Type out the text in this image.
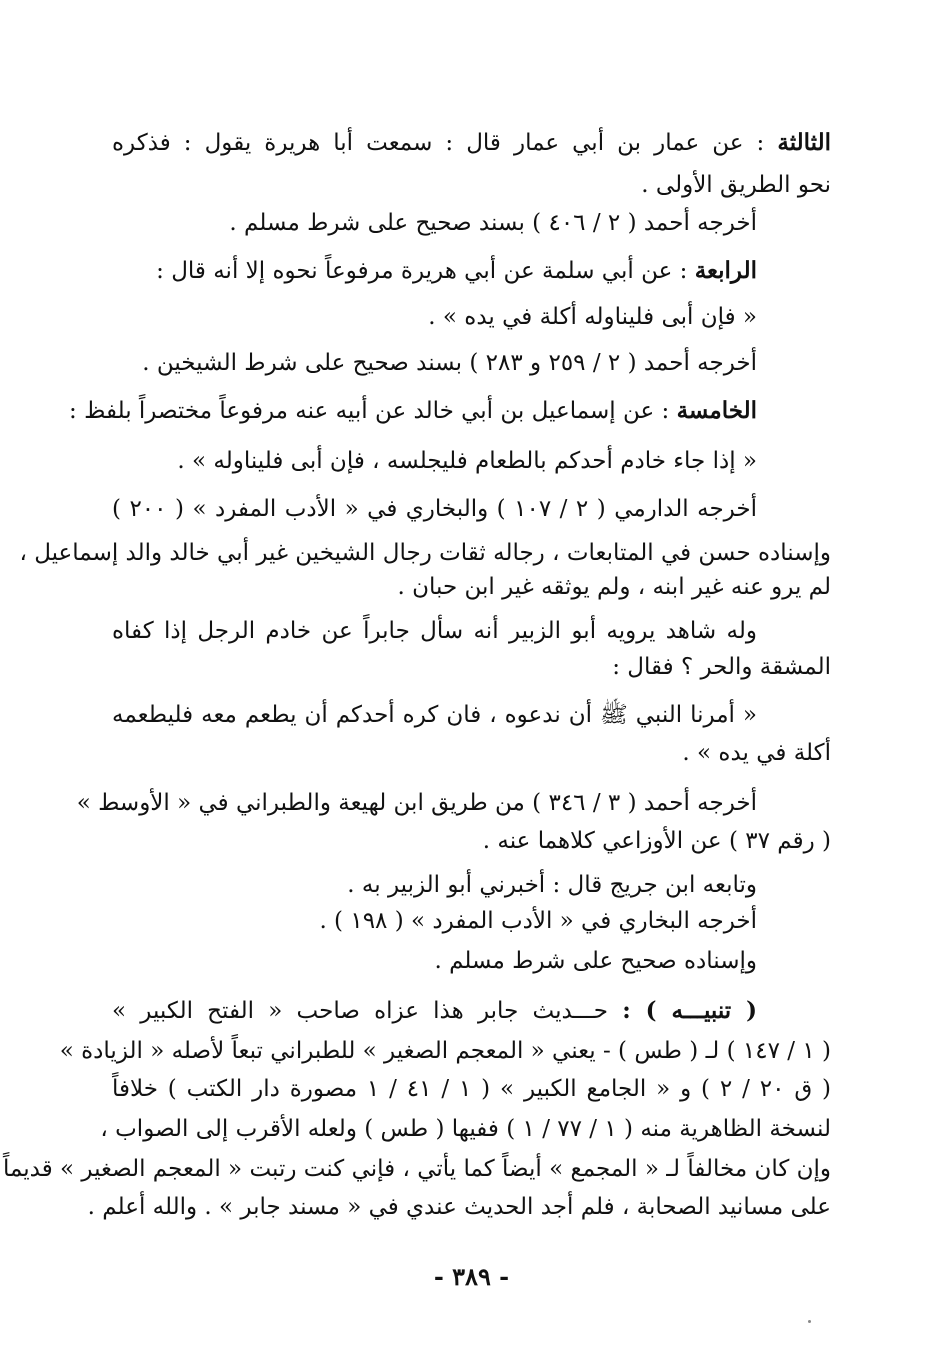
الثالثة : عن عمار بن أبي عمار قال : سمعت أبا هريرة يقول : فذكره
نحو الطريق الأولى .
أخرجه أحمد ( ٢ / ٤٠٦ ) بسند صحيح على شرط مسلم .
الرابعة : عن أبي سلمة عن أبي هريرة مرفوعاً نحوه إلا أنه قال :
« فإن أبى فليناوله أكلة في يده » .
أخرجه أحمد ( ٢ / ٢٥٩ و ٢٨٣ ) بسند صحيح على شرط الشيخين .
الخامسة : عن إسماعيل بن أبي خالد عن أبيه عنه مرفوعاً مختصراً بلفظ :
« إذا جاء خادم أحدكم بالطعام فليجلسه ، فإن أبى فليناوله » .
أخرجه الدارمي ( ٢ / ١٠٧ ) والبخاري في « الأدب المفرد » ( ٢٠٠ )
وإسناده حسن في المتابعات ، رجاله ثقات رجال الشيخين غير أبي خالد والد إسماعيل ،
لم يرو عنه غير ابنه ، ولم يوثقه غير ابن حبان .
وله شاهد يرويه أبو الزبير أنه سأل جابراً عن خادم الرجل إذا كفاه
المشقة والحر ؟ فقال :
« أمرنا النبي ﷺ أن ندعوه ، فان كره أحدكم أن يطعم معه فليطعمه
أكلة في يده » .
أخرجه أحمد ( ٣ / ٣٤٦ ) من طريق ابن لهيعة والطبراني في « الأوسط »
( رقم ٣٧ ) عن الأوزاعي كلاهما عنه .
وتابعه ابن جريج قال : أخبرني أبو الزبير به .
أخرجه البخاري في « الأدب المفرد » ( ١٩٨ ) .
وإسناده صحيح على شرط مسلم .
( تنبيـــه ) : حـــديث جابر هذا عزاه صاحب « الفتح الكبير »
( ١ / ١٤٧ ) لـ ( طس ) - يعني « المعجم الصغير » للطبراني تبعاً لأصله « الزيادة »
( ق ٢٠ / ٢ ) و « الجامع الكبير » ( ١ / ٤١ / ١ مصورة دار الكتب ) خلافاً
لنسخة الظاهرية منه ( ١ / ٧٧ / ١ ) ففيها ( طس ) ولعله الأقرب إلى الصواب ،
وإن كان مخالفاً لـ « المجمع » أيضاً كما يأتي ، فإني كنت رتبت « المعجم الصغير » قديماً
على مسانيد الصحابة ، فلم أجد الحديث عندي في « مسند جابر » . والله أعلم .
- ٣٨٩ -
